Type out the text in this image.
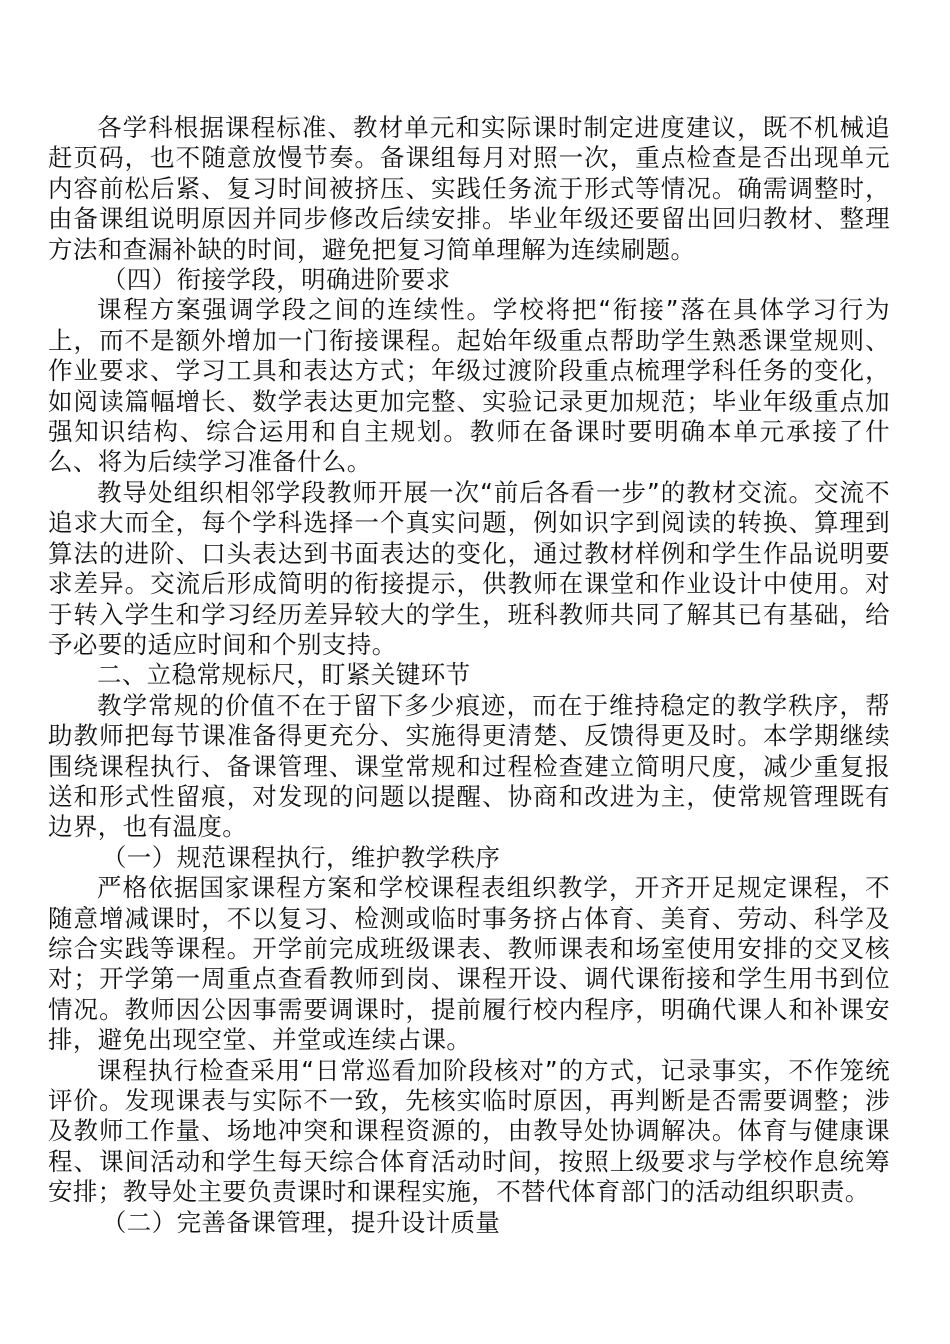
各学科根据课程标准、教材单元和实际课时制定进度建议，既不机械追赶页码，也不随意放慢节奏。备课组每月对照一次，重点检查是否出现单元内容前松后紧、复习时间被挤压、实践任务流于形式等情况。确需调整时，由备课组说明原因并同步修改后续安排。毕业年级还要留出回归教材、整理方法和查漏补缺的时间，避免把复习简单理解为连续刷题。

（四）衔接学段，明确进阶要求

课程方案强调学段之间的连续性。学校将把“衔接”落在具体学习行为上，而不是额外增加一门衔接课程。起始年级重点帮助学生熟悉课堂规则、作业要求、学习工具和表达方式；年级过渡阶段重点梳理学科任务的变化，如阅读篇幅增长、数学表达更加完整、实验记录更加规范；毕业年级重点加强知识结构、综合运用和自主规划。教师在备课时要明确本单元承接了什么、将为后续学习准备什么。

教导处组织相邻学段教师开展一次“前后各看一步”的教材交流。交流不追求大而全，每个学科选择一个真实问题，例如识字到阅读的转换、算理到算法的进阶、口头表达到书面表达的变化，通过教材样例和学生作品说明要求差异。交流后形成简明的衔接提示，供教师在课堂和作业设计中使用。对于转入学生和学习经历差异较大的学生，班科教师共同了解其已有基础，给予必要的适应时间和个别支持。

二、立稳常规标尺，盯紧关键环节

教学常规的价值不在于留下多少痕迹，而在于维持稳定的教学秩序，帮助教师把每节课准备得更充分、实施得更清楚、反馈得更及时。本学期继续围绕课程执行、备课管理、课堂常规和过程检查建立简明尺度，减少重复报送和形式性留痕，对发现的问题以提醒、协商和改进为主，使常规管理既有边界，也有温度。

（一）规范课程执行，维护教学秩序

严格依据国家课程方案和学校课程表组织教学，开齐开足规定课程，不随意增减课时，不以复习、检测或临时事务挤占体育、美育、劳动、科学及综合实践等课程。开学前完成班级课表、教师课表和场室使用安排的交叉核对；开学第一周重点查看教师到岗、课程开设、调代课衔接和学生用书到位情况。教师因公因事需要调课时，提前履行校内程序，明确代课人和补课安排，避免出现空堂、并堂或连续占课。

课程执行检查采用“日常巡看加阶段核对”的方式，记录事实，不作笼统评价。发现课表与实际不一致，先核实临时原因，再判断是否需要调整；涉及教师工作量、场地冲突和课程资源的，由教导处协调解决。体育与健康课程、课间活动和学生每天综合体育活动时间，按照上级要求与学校作息统筹安排；教导处主要负责课时和课程实施，不替代体育部门的活动组织职责。

（二）完善备课管理，提升设计质量
